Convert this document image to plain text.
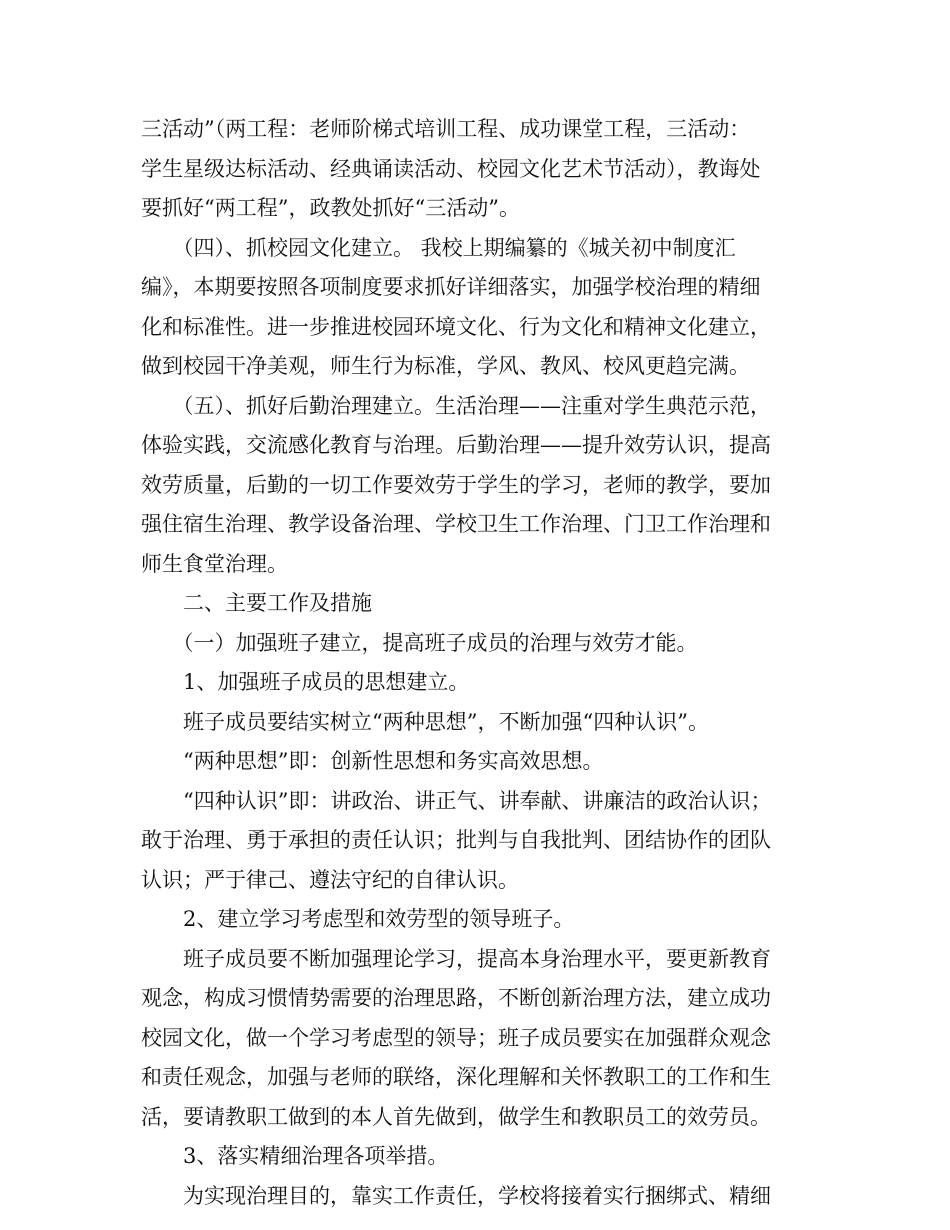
三活动”（两工程：老师阶梯式培训工程、成功课堂工程，三活动：
学生星级达标活动、经典诵读活动、校园文化艺术节活动），教诲处
要抓好“两工程”，政教处抓好“三活动”。
　　（四）、抓校园文化建立。 我校上期编纂的《城关初中制度汇
编》，本期要按照各项制度要求抓好详细落实，加强学校治理的精细
化和标准性。进一步推进校园环境文化、行为文化和精神文化建立，
做到校园干净美观，师生行为标准，学风、教风、校风更趋完满。
　　（五）、抓好后勤治理建立。生活治理——注重对学生典范示范，
体验实践，交流感化教育与治理。后勤治理——提升效劳认识，提高
效劳质量，后勤的一切工作要效劳于学生的学习，老师的教学，要加
强住宿生治理、教学设备治理、学校卫生工作治理、门卫工作治理和
师生食堂治理。
　　二、主要工作及措施
　　（一）加强班子建立，提高班子成员的治理与效劳才能。
　　1、加强班子成员的思想建立。
　　班子成员要结实树立“两种思想”，不断加强“四种认识”。
　　“两种思想”即：创新性思想和务实高效思想。
　　“四种认识”即：讲政治、讲正气、讲奉献、讲廉洁的政治认识；
敢于治理、勇于承担的责任认识；批判与自我批判、团结协作的团队
认识；严于律己、遵法守纪的自律认识。
　　2、建立学习考虑型和效劳型的领导班子。
　　班子成员要不断加强理论学习，提高本身治理水平，要更新教育
观念，构成习惯情势需要的治理思路，不断创新治理方法，建立成功
校园文化，做一个学习考虑型的领导；班子成员要实在加强群众观念
和责任观念，加强与老师的联络，深化理解和关怀教职工的工作和生
活，要请教职工做到的本人首先做到，做学生和教职员工的效劳员。
　　3、落实精细治理各项举措。
　　为实现治理目的，靠实工作责任，学校将接着实行捆绑式、精细
